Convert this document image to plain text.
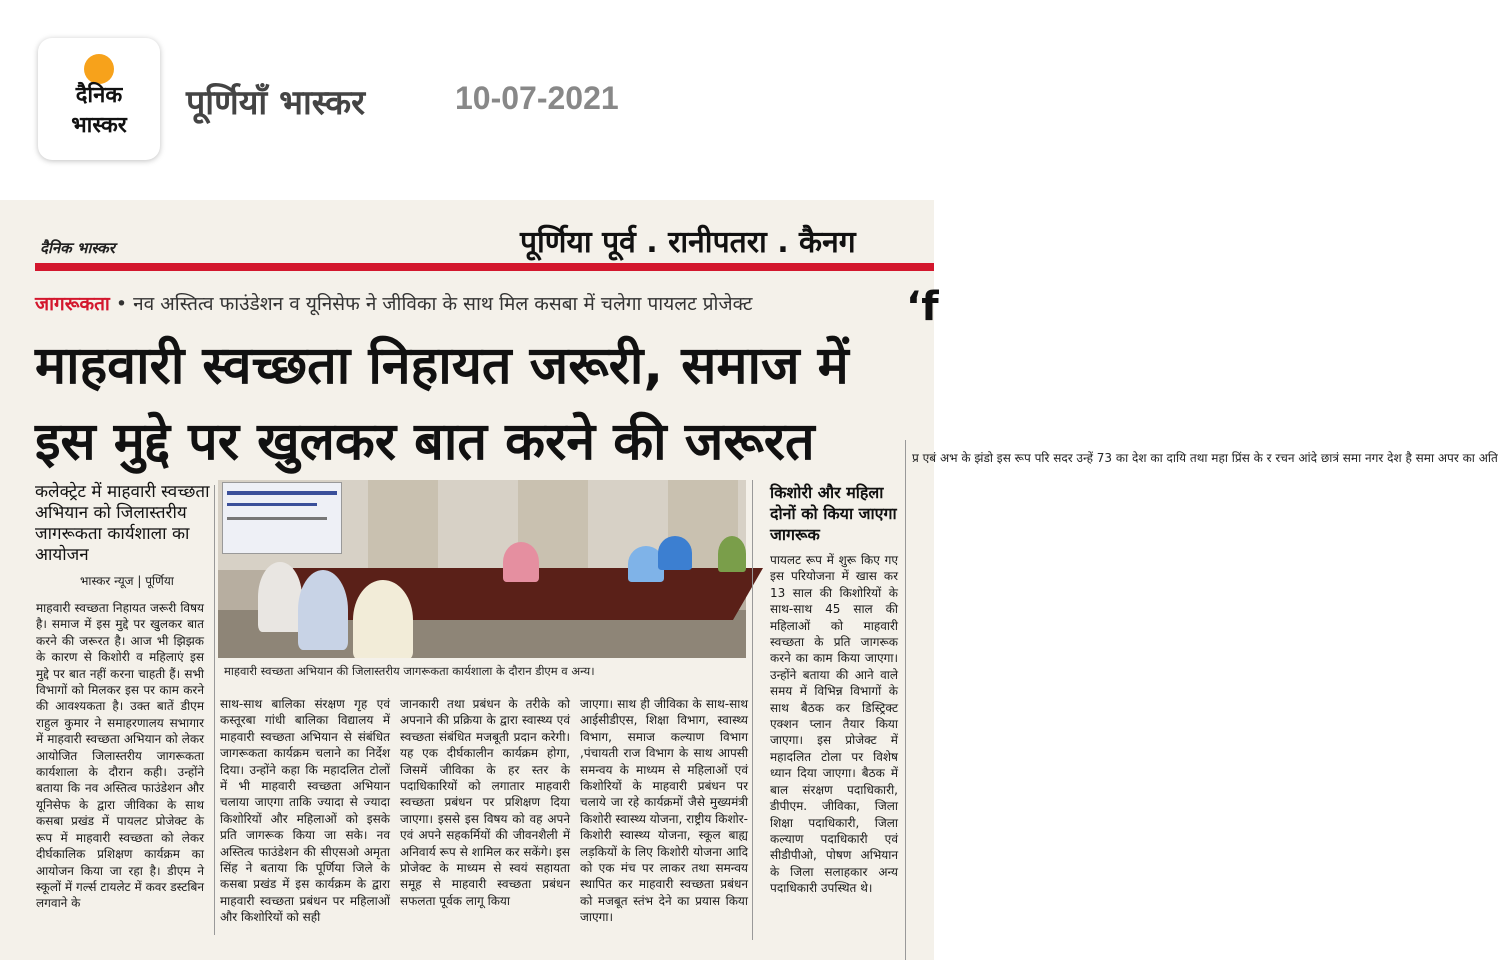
दैनिक
भास्कर
पूर्णियाँ भास्कर	10-07-2021
दैनिक भास्कर	पूर्णिया पूर्व . रानीपतरा . कैनग
जागरूकता • नव अस्तित्व फाउंडेशन व यूनिसेफ ने जीविका के साथ मिल कसबा में चलेगा पायलट प्रोजेक्ट	‘f
माहवारी स्वच्छता निहायत जरूरी, समाज में इस मुद्दे पर खुलकर बात करने की जरूरत
कलेक्ट्रेट में माहवारी स्वच्छता अभियान को जिलास्तरीय जागरूकता कार्यशाला का आयोजन
भास्कर न्यूज | पूर्णिया
माहवारी स्वच्छता अभियान की जिलास्तरीय जागरूकता कार्यशाला के दौरान डीएम व अन्य।
माहवारी स्वच्छता निहायत जरूरी विषय है। समाज में इस मुद्दे पर खुलकर बात करने की जरूरत है। आज भी झिझक के कारण से किशोरी व महिलाएं इस मुद्दे पर बात नहीं करना चाहती हैं। सभी विभागों को मिलकर इस पर काम करने की आवश्यकता है। उक्त बातें डीएम राहुल कुमार ने समाहरणालय सभागार में माहवारी स्वच्छता अभियान को लेकर आयोजित जिलास्तरीय जागरूकता कार्यशाला के दौरान कही। उन्होंने बताया कि नव अस्तित्व फाउंडेशन और यूनिसेफ के द्वारा जीविका के साथ कसबा प्रखंड में पायलट प्रोजेक्ट के रूप में माहवारी स्वच्छता को लेकर दीर्घकालिक प्रशिक्षण कार्यक्रम का आयोजन किया जा रहा है। डीएम ने स्कूलों में गर्ल्स टायलेट में कवर डस्टबिन लगवाने के
साथ-साथ बालिका संरक्षण गृह एवं कस्तूरबा गांधी बालिका विद्यालय में माहवारी स्वच्छता अभियान से संबंधित जागरूकता कार्यक्रम चलाने का निर्देश दिया। उन्होंने कहा कि महादलित टोलों में भी माहवारी स्वच्छता अभियान चलाया जाएगा ताकि ज्यादा से ज्यादा किशोरियों और महिलाओं को इसके प्रति जागरूक किया जा सके। नव अस्तित्व फाउंडेशन की सीएसओ अमृता सिंह ने बताया कि पूर्णिया जिले के कसबा प्रखंड में इस कार्यक्रम के द्वारा माहवारी स्वच्छता प्रबंधन पर महिलाओं और किशोरियों को सही
जानकारी तथा प्रबंधन के तरीके को अपनाने की प्रक्रिया के द्वारा स्वास्थ्य एवं स्वच्छता संबंधित मजबूती प्रदान करेगी। यह एक दीर्घकालीन कार्यक्रम होगा, जिसमें जीविका के हर स्तर के पदाधिकारियों को लगातार माहवारी स्वच्छता प्रबंधन पर प्रशिक्षण दिया जाएगा। इससे इस विषय को वह अपने एवं अपने सहकर्मियों की जीवनशैली में अनिवार्य रूप से शामिल कर सकेंगे। इस प्रोजेक्ट के माध्यम से स्वयं सहायता समूह से माहवारी स्वच्छता प्रबंधन सफलता पूर्वक लागू किया
जाएगा। साथ ही जीविका के साथ-साथ आईसीडीएस, शिक्षा विभाग, स्वास्थ्य विभाग, समाज कल्याण विभाग ,पंचायती राज विभाग के साथ आपसी समन्वय के माध्यम से महिलाओं एवं किशोरियों के माहवारी प्रबंधन पर चलाये जा रहे कार्यक्रमों जैसे मुख्यमंत्री किशोरी स्वास्थ्य योजना, राष्ट्रीय किशोर-किशोरी स्वास्थ्य योजना, स्कूल बाह्य लड़कियों के लिए किशोरी योजना आदि को एक मंच पर लाकर तथा समन्वय स्थापित कर माहवारी स्वच्छता प्रबंधन को मजबूत स्तंभ देने का प्रयास किया जाएगा।
किशोरी और महिला दोनों को किया जाएगा जागरूक
पायलट रूप में शुरू किए गए इस परियोजना में खास कर 13 साल की किशोरियों के साथ-साथ 45 साल की महिलाओं को माहवारी स्वच्छता के प्रति जागरूक करने का काम किया जाएगा। उन्होंने बताया की आने वाले समय में विभिन्न विभागों के साथ बैठक कर डिस्ट्रिक्ट एक्शन प्लान तैयार किया जाएगा। इस प्रोजेक्ट में महादलित टोला पर विशेष ध्यान दिया जाएगा। बैठक में बाल संरक्षण पदाधिकारी, डीपीएम. जीविका, जिला शिक्षा पदाधिकारी, जिला कल्याण पदाधिकारी एवं सीडीपीओ, पोषण अभियान के जिला सलाहकार अन्य पदाधिकारी उपस्थित थे।
प्र एबं अभ के झंडो इस रूप परि सदर उन्हें 73 का देश का दायि तथा महा प्रिंस के र रचन आंदे छात्रं समा नगर देश है समा अपर का अति
